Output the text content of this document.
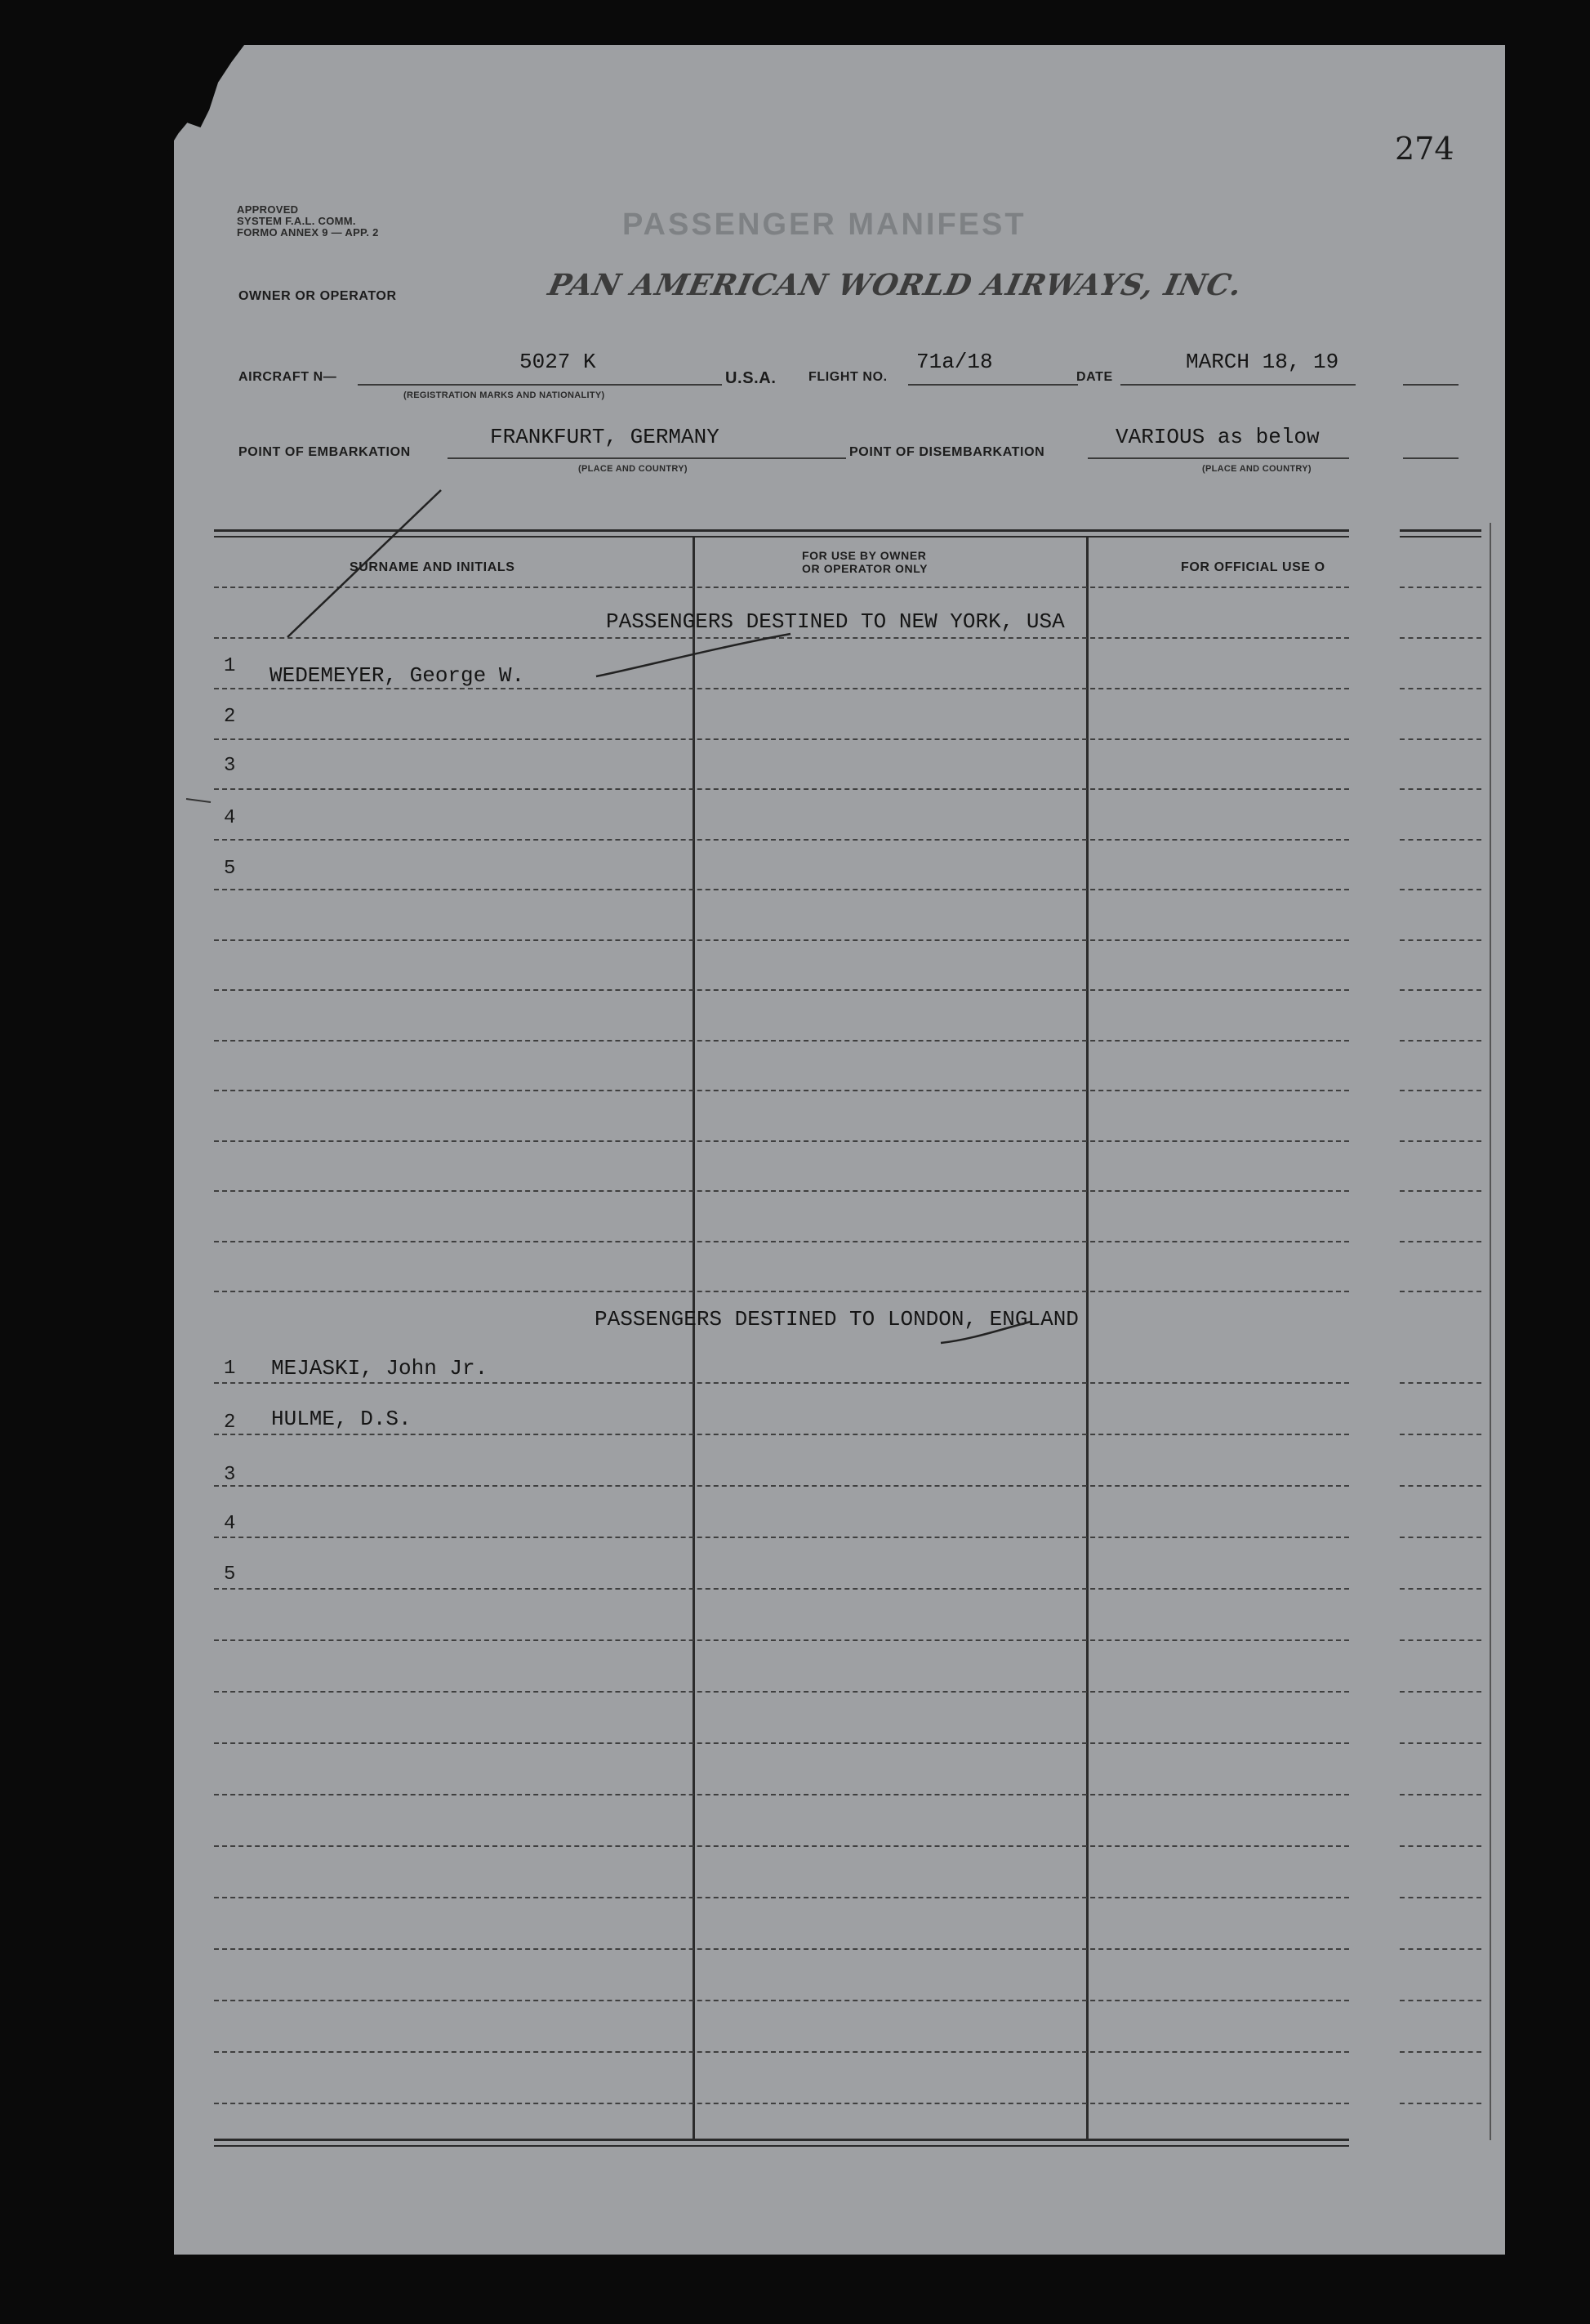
274
APPROVED
SYSTEM F.A.L. COMM.
FORMO ANNEX 9 — APP. 2	PASSENGER MANIFEST
OWNER OR OPERATOR	PAN AMERICAN WORLD AIRWAYS, INC.
AIRCRAFT N—
5027 K
(REGISTRATION MARKS AND NATIONALITY)
U.S.A. FLIGHT NO.
71a/18
DATE
MARCH 18, 19
POINT OF EMBARKATION
FRANKFURT, GERMANY
(PLACE AND COUNTRY)
POINT OF DISEMBARKATION
VARIOUS as below
(PLACE AND COUNTRY)
SURNAME AND INITIALS
FOR USE BY OWNER
OR OPERATOR ONLY	FOR OFFICIAL USE O
PASSENGERS DESTINED TO NEW YORK, USA
1 WEDEMEYER, George W.
2
3
4
5
PASSENGERS DESTINED TO LONDON, ENGLAND
1 MEJASKI, John Jr.
2 HULME, D.S.
3
4
5
